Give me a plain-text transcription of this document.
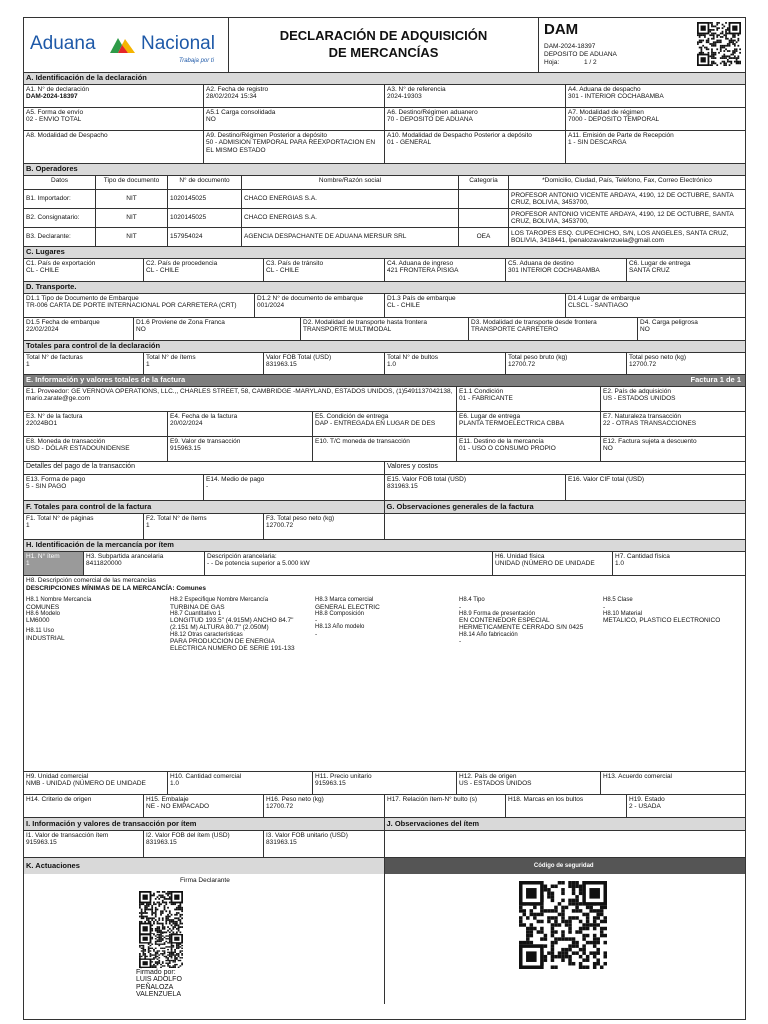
Aduana Nacional
Trabaja por ti
DECLARACIÓN DE ADQUISICIÓN
DE MERCANCÍAS
DAM
DAM-2024-18397
DEPOSITO DE ADUANA
Hoja:	1 / 2
A. Identificación de la declaración
A1. N° de declaración
DAM-2024-18397
A2. Fecha de registro
28/02/2024 15:34
A3. N° de referencia
2024-19303
A4. Aduana de despacho
301 - INTERIOR COCHABAMBA
A5. Forma de envío
02 - ENVIO TOTAL
A5.1 Carga consolidada
NO
A6. Destino/Régimen aduanero
70 - DEPOSITO DE ADUANA
A7. Modalidad de régimen
7000 - DEPOSITO TEMPORAL
A8. Modalidad de Despacho	A9. Destino/Régimen Posterior a depósito
50 - ADMISION TEMPORAL PARA REEXPORTACION EN EL MISMO ESTADO
A10. Modalidad de Despacho Posterior a depósito
01 - GENERAL
A11. Emisión de Parte de Recepción
1 - SIN DESCARGA
B. Operadores
Datos	Tipo de documento	N° de documento	Nombre/Razón social	Categoría	*Domicilio, Ciudad, País, Teléfono, Fax, Correo Electrónico
B1. Importador:	NIT	1020145025	CHACO ENERGIAS S.A.
PROFESOR ANTONIO VICENTE ARDAYA, 4190, 12 DE OCTUBRE, SANTA CRUZ, BOLIVIA, 3453700,
B2. Consignatario:	NIT	1020145025	CHACO ENERGIAS S.A.
PROFESOR ANTONIO VICENTE ARDAYA, 4190, 12 DE OCTUBRE, SANTA CRUZ, BOLIVIA, 3453700,
B3. Declarante:	NIT	157954024	AGENCIA DESPACHANTE DE ADUANA MERSUR SRL	OEA
LOS TAROPES ESQ. CUPECHICHO, S/N, LOS ANGELES, SANTA CRUZ, BOLIVIA, 3418441, lpenalozavalenzuela@gmail.com
C. Lugares
C1. País de exportación
CL - CHILE
C2. País de procedencia
CL - CHILE
C3. País de tránsito
CL - CHILE
C4. Aduana de ingreso
421 FRONTERA PISIGA
C5. Aduana de destino
301 INTERIOR COCHABAMBA
C6. Lugar de entrega
SANTA CRUZ
D. Transporte.
D1.1 Tipo de Documento de Embarque
TR-006 CARTA DE PORTE INTERNACIONAL POR CARRETERA (CRT)
D1.2 N° de documento de embarque
001/2024
D1.3 País de embarque
CL - CHILE
D1.4 Lugar de embarque
CLSCL - SANTIAGO
D1.5 Fecha de embarque
22/02/2024
D1.6 Proviene de Zona Franca
NO
D2. Modalidad de transporte hasta frontera
TRANSPORTE MULTIMODAL
D3. Modalidad de transporte desde frontera
TRANSPORTE CARRETERO
D4. Carga peligrosa
NO
Totales para control de la declaración
Total N° de facturas
1
Total N° de ítems
1
Valor FOB Total (USD)
831963.15
Total N° de bultos
1.0
Total peso bruto (kg)
12700.72
Total peso neto (kg)
12700.72
E. Información y valores totales de la factura	Factura 1 de 1
E1. Proveedor: GE VERNOVA OPERATIONS, LLC.,, CHARLES STREET, 58, CAMBRIDGE -MARYLAND, ESTADOS UNIDOS, (1)5491137042138, mario.zarate@ge.com
E1.1 Condición
01 - FABRICANTE
E2. País de adquisición
US - ESTADOS UNIDOS
E3. N° de la factura
22024BO1
E4. Fecha de la factura
20/02/2024
E5. Condición de entrega
DAP - ENTREGADA EN LUGAR DE DES
E6. Lugar de entrega
PLANTA TERMOELECTRICA CBBA
E7. Naturaleza transacción
22 - OTRAS TRANSACCIONES
E8. Moneda de transacción
USD - DÓLAR ESTADOUNIDENSE
E9. Valor de transacción
915963.15
E10. T/C moneda de transacción	E11. Destino de la mercancía
01 - USO O CONSUMO PROPIO
E12. Factura sujeta a descuento
NO
Detalles del pago de la transacción	Valores y costos
E13. Forma de pago
5 - SIN PAGO
E14. Medio de pago
-
E15. Valor FOB total (USD)
831963.15
E16. Valor CIF total (USD)
F. Totales para control de la factura	G. Observaciones generales de la factura
F1. Total N° de páginas
1
F2. Total N° de ítems
1
F3. Total peso neto (kg)
12700.72
H. Identificación de la mercancía por ítem
H1. N° ítem
1
H3. Subpartida arancelaria
8411820000
Descripción arancelaria:
- - De potencia superior a 5.000 kW
H6. Unidad física
UNIDAD (NÚMERO DE UNIDADE
H7. Cantidad física
1.0
H8. Descripción comercial de las mercancías
DESCRIPCIONES MÍNIMAS DE LA MERCANCÍA: Comunes
H8.1 Nombre Mercancía
COMUNES
H8.6 Modelo
LM6000
H8.11 Uso
INDUSTRIAL
H8.2 Especifique Nombre Mercancía
TURBINA DE GAS
H8.7 Cuantitativo 1
LONGITUD 193.5" (4.915M) ANCHO 84.7" (2.151 M) ALTURA 80.7" (2.050M)
H8.12 Otras características
PARA PRODUCCION DE ENERGIA ELECTRICA NUMERO DE SERIE 191-133
H8.3 Marca comercial
GENERAL ELECTRIC
H8.8 Composición
-
H8.13 Año modelo
-
H8.4 Tipo
-
H8.9 Forma de presentación
EN CONTENEDOR ESPECIAL HERMETICAMENTE CERRADO S/N 0425
H8.14 Año fabricación
-
H8.5 Clase
-
H8.10 Material
METALICO, PLASTICO ELECTRONICO
H9. Unidad comercial
NMB - UNIDAD (NÚMERO DE UNIDADE
H10. Cantidad comercial
1.0
H11. Precio unitario
915963.15
H12. País de origen
US - ESTADOS UNIDOS
H13. Acuerdo comercial
H14. Criterio de origen	H15. Embalaje
NE - NO EMPACADO
H16. Peso neto (kg)
12700.72
H17. Relación ítem-N° bulto (s)	H18. Marcas en los bultos	H19. Estado
2 - USADA
I. Información y valores de transacción por ítem	J. Observaciones del ítem
I1. Valor de transacción ítem
915963.15
I2. Valor FOB del ítem (USD)
831963.15
I3. Valor FOB unitario (USD)
831963.15
K. Actuaciones	Código de seguridad
Firma Declarante
Firmado por:
LUIS ADOLFO
PEÑALOZA
VALENZUELA
